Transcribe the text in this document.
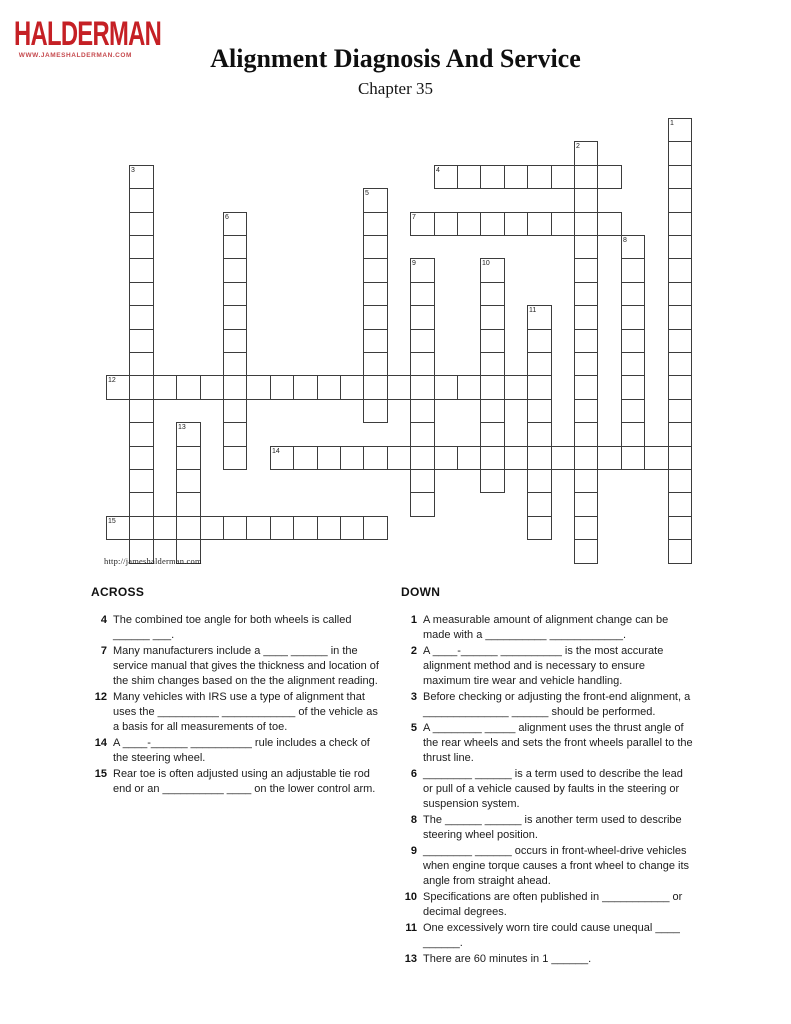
HALDERMAN
WWW.JAMESHALDERMAN.COM	Alignment Diagnosis And Service
Chapter 35
1
2
3	4
5
6	7
8
9	10
11
12
13
14
15
http://jameshalderman.com
ACROSS
4 The combined toe angle for both wheels is called ______ ___.
7 Many manufacturers include a ____ ______ in the service manual that gives the thickness and location of the shim changes based on the the alignment reading.
12 Many vehicles with IRS use a type of alignment that uses the __________ ____________ of the vehicle as a basis for all measurements of toe.
14 A ____-______ __________ rule includes a check of the steering wheel.
15 Rear toe is often adjusted using an adjustable tie rod end or an __________ ____ on the lower control arm.
DOWN
1 A measurable amount of alignment change can be made with a __________ ____________.
2 A ____-______ __________ is the most accurate alignment method and is necessary to ensure maximum tire wear and vehicle handling.
3 Before checking or adjusting the front-end alignment, a ______________ ______ should be performed.
5 A ________ _____ alignment uses the thrust angle of the rear wheels and sets the front wheels parallel to the thrust line.
6 ________ ______ is a term used to describe the lead or pull of a vehicle caused by faults in the steering or suspension system.
8 The ______ ______ is another term used to describe steering wheel position.
9 ________ ______ occurs in front-wheel-drive vehicles when engine torque causes a front wheel to change its angle from straight ahead.
10 Specifications are often published in ___________ or decimal degrees.
11 One excessively worn tire could cause unequal ____ ______.
13 There are 60 minutes in 1 ______.
